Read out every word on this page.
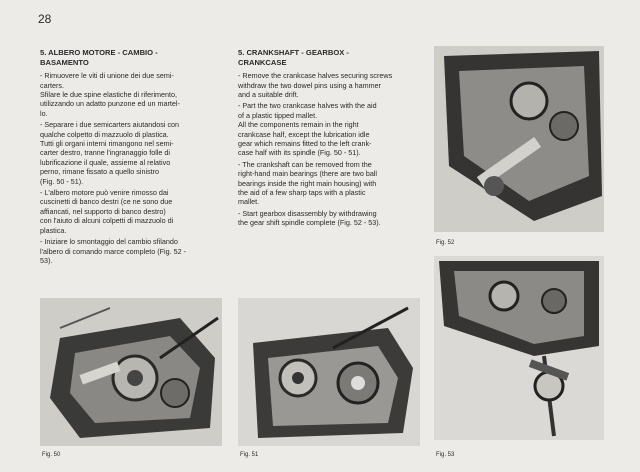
28
5. ALBERO MOTORE - CAMBIO -
BASAMENTO

- Rimuovere le viti di unione dei due semi-
carters.
Sfilare le due spine elastiche di riferimento,
utilizzando un adatto punzone ed un martel-
lo.

- Separare i due semicarters aiutandosi con
qualche colpetto di mazzuolo di plastica.
Tutti gli organi interni rimangono nel semi-
carter destro, tranne l'ingranaggio folle di
lubrificazione il quale, assieme al relativo
perno, rimane fissato a quello sinistro
(Fig. 50 - 51).

- L'albero motore può venire rimosso dai
cuscinetti di banco destri (ce ne sono due
affiancati, nel supporto di banco destro)
con l'aiuto di alcuni colpetti di mazzuolo di
plastica.

- Iniziare lo smontaggio del cambio sfilando
l'albero di comando marce completo (Fig. 52 -
53).

5. CRANKSHAFT - GEARBOX -
CRANKCASE

- Remove the crankcase halves securing screws
withdraw the two dowel pins using a hammer
and a suitable drift.

- Part the two crankcase halves with the aid
of a plastic tipped mallet.
All the components remain in the right
crankcase half, except the lubrication idle
gear which remains fitted to the left crank-
case half with its spindle (Fig. 50 - 51).

- The crankshaft can be removed from the
right-hand main bearings (there are two ball
bearings inside the right main housing) with
the aid of a few sharp taps with a plastic
mallet.

- Start gearbox disassembly by withdrawing
the gear shift spindle complete (Fig. 52 - 53).

Fig. 50	Fig. 51
Fig. 52
Fig. 53
